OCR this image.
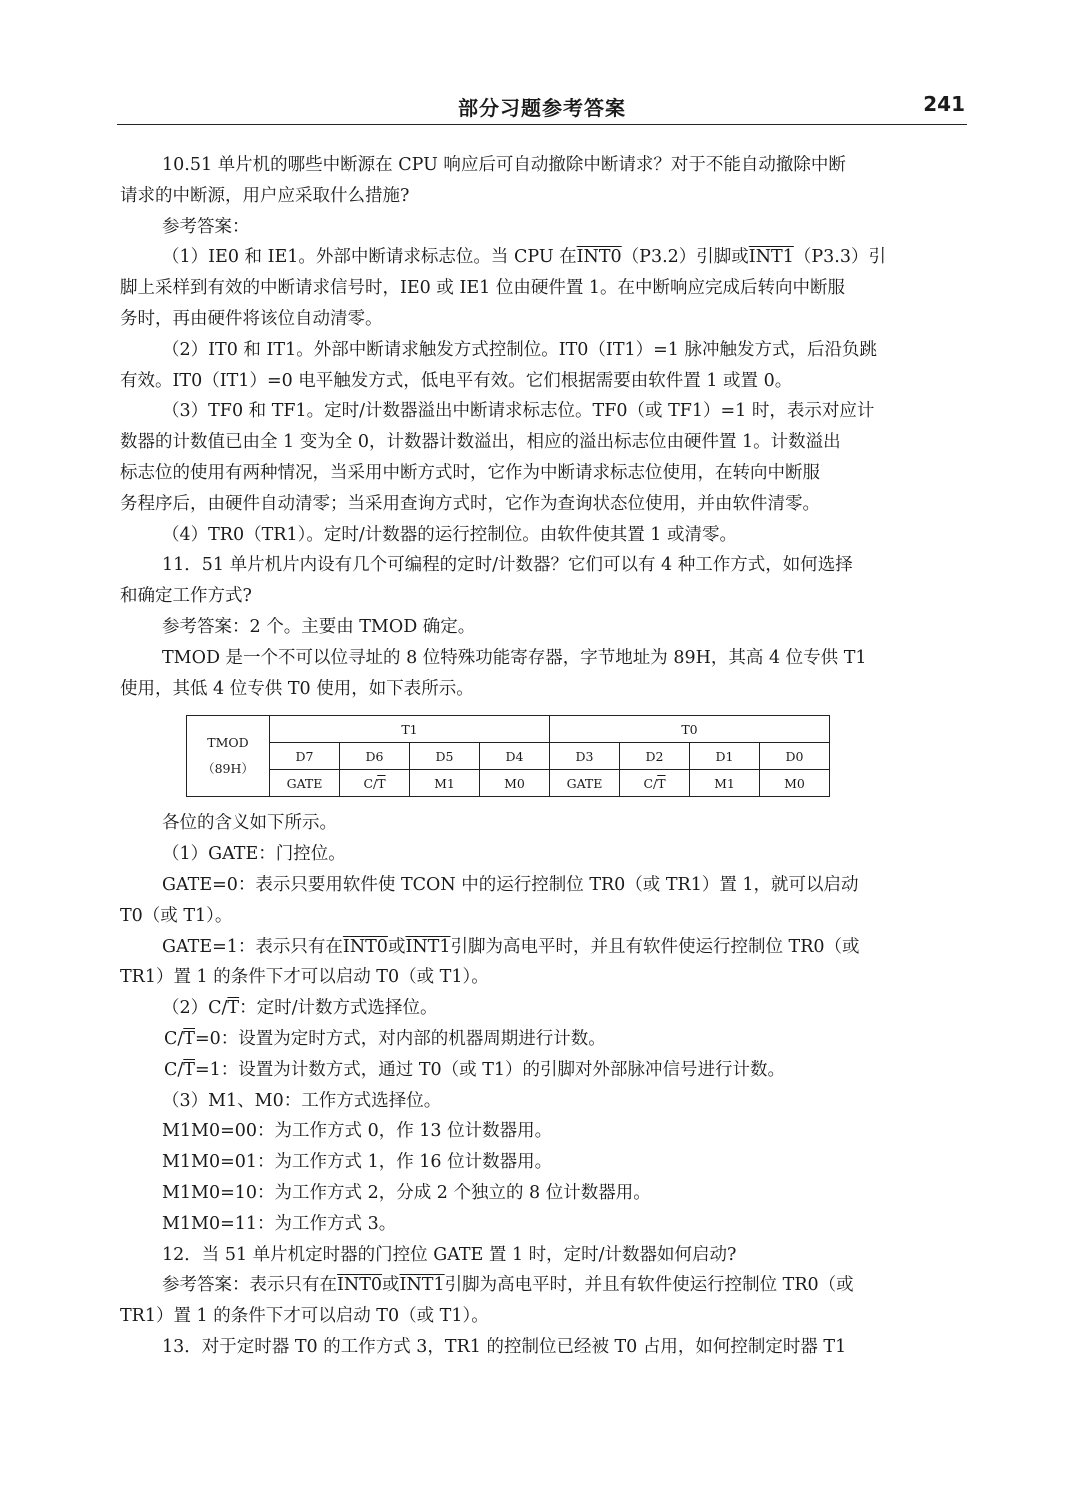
部分习题参考答案	241

10.51 单片机的哪些中断源在 CPU 响应后可自动撤除中断请求？对于不能自动撤除中断

请求的中断源，用户应采取什么措施?

参考答案：

（1）IE0 和 IE1。外部中断请求标志位。当 CPU 在INT0（P3.2）引脚或INT1（P3.3）引

脚上采样到有效的中断请求信号时，IE0 或 IE1 位由硬件置 1。在中断响应完成后转向中断服

务时，再由硬件将该位自动清零。

（2）IT0 和 IT1。外部中断请求触发方式控制位。IT0（IT1）=1 脉冲触发方式，后沿负跳

有效。IT0（IT1）=0 电平触发方式，低电平有效。它们根据需要由软件置 1 或置 0。

（3）TF0 和 TF1。定时/计数器溢出中断请求标志位。TF0（或 TF1）=1 时，表示对应计

数器的计数值已由全 1 变为全 0，计数器计数溢出，相应的溢出标志位由硬件置 1。计数溢出

标志位的使用有两种情况，当采用中断方式时，它作为中断请求标志位使用，在转向中断服

务程序后，由硬件自动清零；当采用查询方式时，它作为查询状态位使用，并由软件清零。

（4）TR0（TR1）。定时/计数器的运行控制位。由软件使其置 1 或清零。

11．51 单片机片内设有几个可编程的定时/计数器？它们可以有 4 种工作方式，如何选择

和确定工作方式?

参考答案：2 个。主要由 TMOD 确定。

TMOD 是一个不可以位寻址的 8 位特殊功能寄存器，字节地址为 89H，其高 4 位专供 T1

使用，其低 4 位专供 T0 使用，如下表所示。

TMOD
（89H）	T1				T0			
	D7	D6	D5	D4	D3	D2	D1	D0
	GATE	$C/\overline{T}$	M1	M0	GATE	$C/\overline{T}$	M1	M0

各位的含义如下所示。

（1）GATE：门控位。

GATE=0：表示只要用软件使 TCON 中的运行控制位 TR0（或 TR1）置 1，就可以启动

T0（或 T1）。

GATE=1：表示只有在INT0或INT1引脚为高电平时，并且有软件使运行控制位 TR0（或

TR1）置 1 的条件下才可以启动 T0（或 T1）。

$(2)C/\overline{T}$：定时/计数方式选择位。

$C/\overline{T}=0$：设置为定时方式，对内部的机器周期进行计数。

$C/\overline{T}=1$：设置为计数方式，通过 T0（或 T1）的引脚对外部脉冲信号进行计数。

（3）M1、M0：工作方式选择位。

M1M0=00：为工作方式 0，作 13 位计数器用。

M1M0=01：为工作方式 1，作 16 位计数器用。

M1M0=10：为工作方式 2，分成 2 个独立的 8 位计数器用。

M1M0=11：为工作方式 3。

12．当 51 单片机定时器的门控位 GATE 置 1 时，定时/计数器如何启动?

参考答案：表示只有在INT0或INT1引脚为高电平时，并且有软件使运行控制位 TR0（或

TR1）置 1 的条件下才可以启动 T0（或 T1）。

13．对于定时器 T0 的工作方式 3，TR1 的控制位已经被 T0 占用，如何控制定时器 T1
